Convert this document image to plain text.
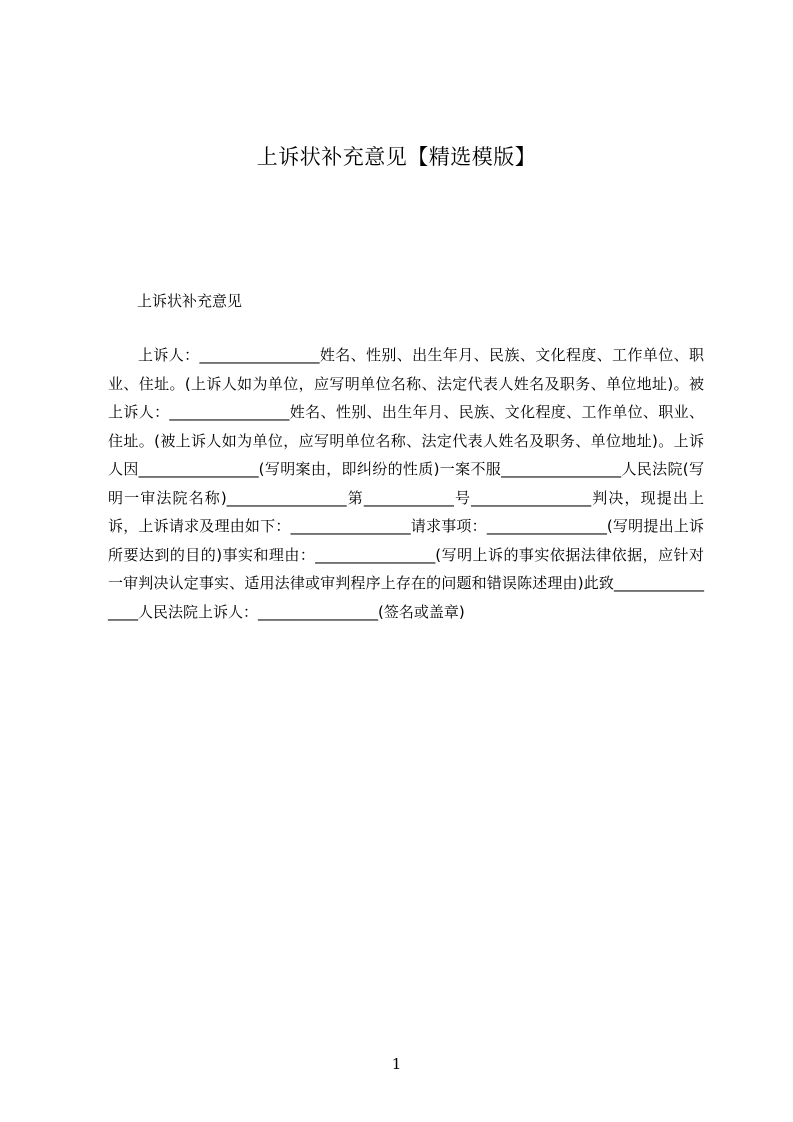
上诉状补充意见【精选模版】

上诉状补充意见

上诉人：________________姓名、性别、出生年月、民族、文化程度、工作单位、职业、住址。(上诉人如为单位，应写明单位名称、法定代表人姓名及职务、单位地址)。被上诉人：________________姓名、性别、出生年月、民族、文化程度、工作单位、职业、住址。(被上诉人如为单位，应写明单位名称、法定代表人姓名及职务、单位地址)。上诉人因________________(写明案由，即纠纷的性质)一案不服________________人民法院(写明一审法院名称)________________第____________号________________判决，现提出上诉，上诉请求及理由如下：________________请求事项：________________(写明提出上诉所要达到的目的)事实和理由：________________(写明上诉的事实依据法律依据，应针对一审判决认定事实、适用法律或审判程序上存在的问题和错误陈述理由)此致________________人民法院上诉人：________________(签名或盖章)

1
